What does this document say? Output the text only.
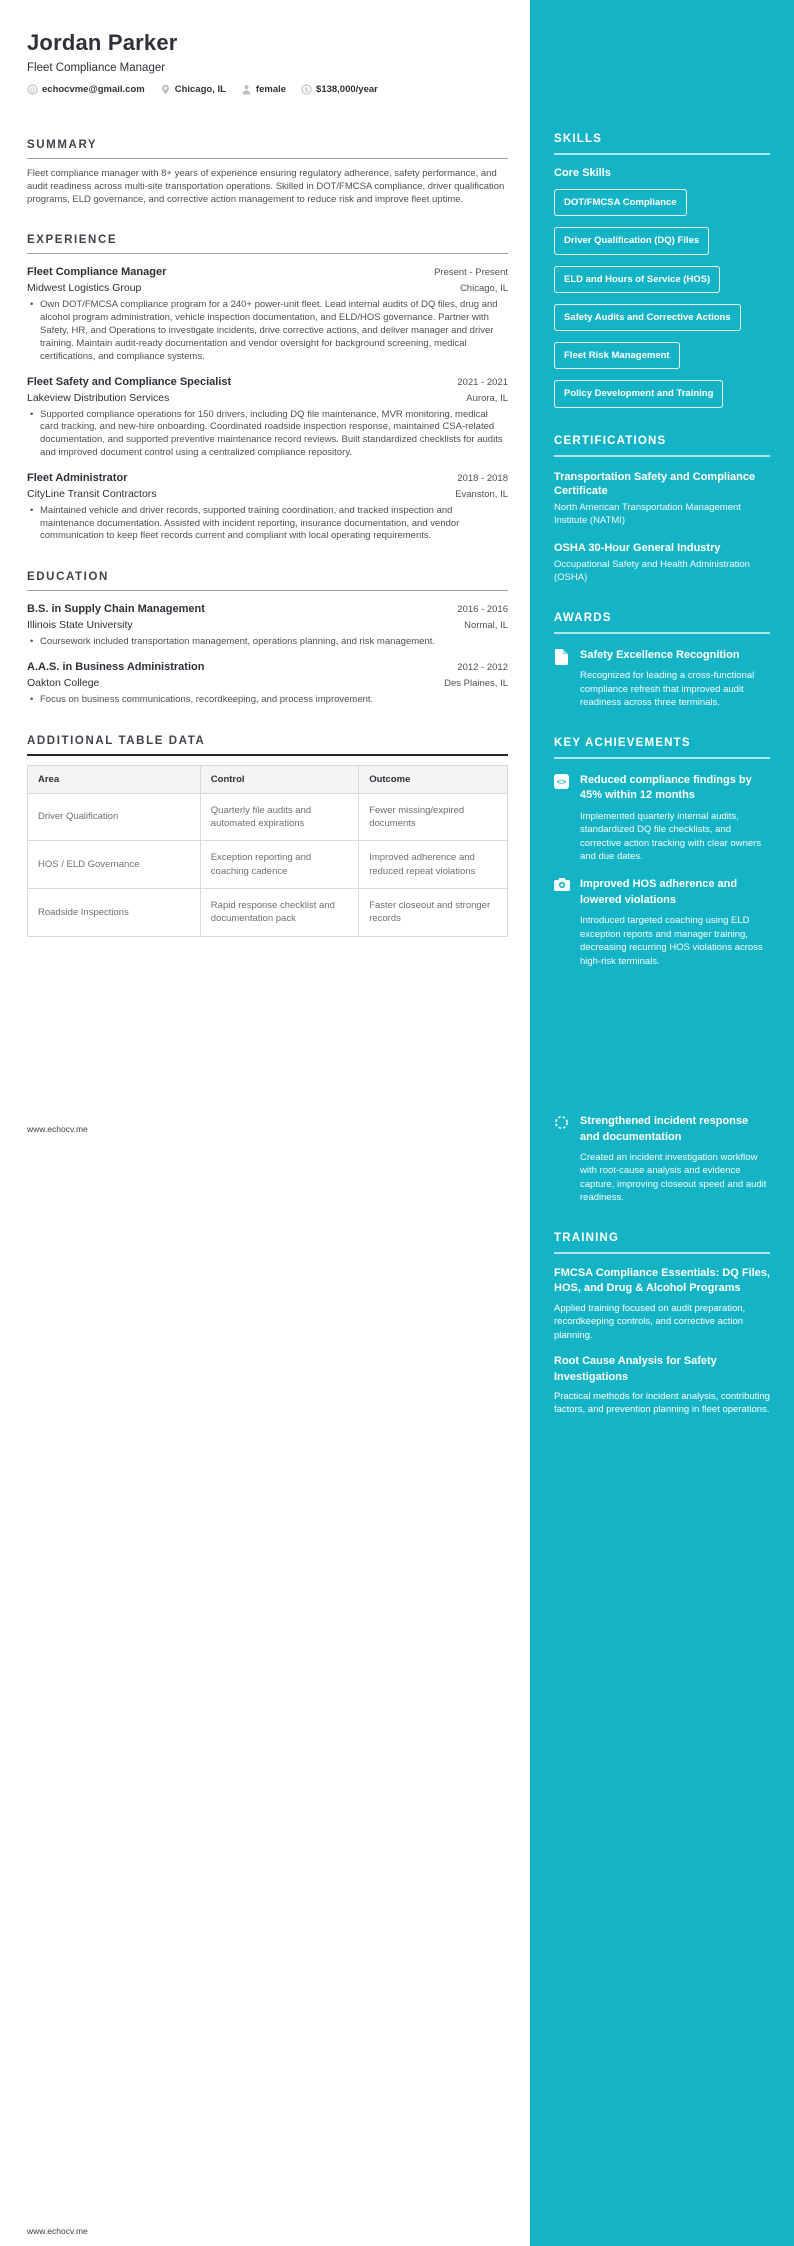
Jordan Parker
Fleet Compliance Manager
@ echocvme@gmail.com	Chicago, IL	female $ $138,000/year
SUMMARY
Fleet compliance manager with 8+ years of experience ensuring regulatory adherence, safety performance, and audit readiness across multi-site transportation operations. Skilled in DOT/FMCSA compliance, driver qualification programs, ELD governance, and corrective action management to reduce risk and improve fleet uptime.
EXPERIENCE
Fleet Compliance Manager	Present - Present
Midwest Logistics Group	Chicago, IL
• Own DOT/FMCSA compliance program for a 240+ power-unit fleet. Lead internal audits of DQ files, drug and alcohol program administration, vehicle inspection documentation, and ELD/HOS governance. Partner with Safety, HR, and Operations to investigate incidents, drive corrective actions, and deliver manager and driver training. Maintain audit-ready documentation and vendor oversight for background screening, medical certifications, and compliance systems.
Fleet Safety and Compliance Specialist	2021 - 2021
Lakeview Distribution Services	Aurora, IL
• Supported compliance operations for 150 drivers, including DQ file maintenance, MVR monitoring, medical card tracking, and new-hire onboarding. Coordinated roadside inspection response, maintained CSA-related documentation, and supported preventive maintenance record reviews. Built standardized checklists for audits and improved document control using a centralized compliance repository.
Fleet Administrator	2018 - 2018
CityLine Transit Contractors	Evanston, IL
• Maintained vehicle and driver records, supported training coordination, and tracked inspection and maintenance documentation. Assisted with incident reporting, insurance documentation, and vendor communication to keep fleet records current and compliant with local operating requirements.
EDUCATION
B.S. in Supply Chain Management	2016 - 2016
Illinois State University	Normal, IL
• Coursework included transportation management, operations planning, and risk management.
A.A.S. in Business Administration	2012 - 2012
Oakton College	Des Plaines, IL
• Focus on business communications, recordkeeping, and process improvement.
ADDITIONAL TABLE DATA
Area	Control	Outcome
Driver Qualification	Quarterly file audits and automated expirations	Fewer missing/expired documents
HOS / ELD Governance	Exception reporting and coaching cadence	Improved adherence and reduced repeat violations
Roadside Inspections	Rapid response checklist and documentation pack	Faster closeout and stronger records
SKILLS
Core Skills
DOT/FMCSA Compliance
Driver Qualification (DQ) Files
ELD and Hours of Service (HOS)
Safety Audits and Corrective Actions
Fleet Risk Management
Policy Development and Training
CERTIFICATIONS
Transportation Safety and Compliance Certificate
North American Transportation Management Institute (NATMI)
OSHA 30-Hour General Industry
Occupational Safety and Health Administration (OSHA)
AWARDS
Safety Excellence Recognition
Recognized for leading a cross-functional compliance refresh that improved audit readiness across three terminals.
KEY ACHIEVEMENTS
<> Reduced compliance findings by 45% within 12 months
Implemented quarterly internal audits, standardized DQ file checklists, and corrective action tracking with clear owners and due dates.
Improved HOS adherence and lowered violations
Introduced targeted coaching using ELD exception reports and manager training, decreasing recurring HOS violations across high-risk terminals.
Strengthened incident response and documentation
Created an incident investigation workflow with root-cause analysis and evidence capture, improving closeout speed and audit readiness.
TRAINING
FMCSA Compliance Essentials: DQ Files, HOS, and Drug & Alcohol Programs
Applied training focused on audit preparation, recordkeeping controls, and corrective action planning.
Root Cause Analysis for Safety Investigations
Practical methods for incident analysis, contributing factors, and prevention planning in fleet operations.
www.echocv.me
www.echocv.me
